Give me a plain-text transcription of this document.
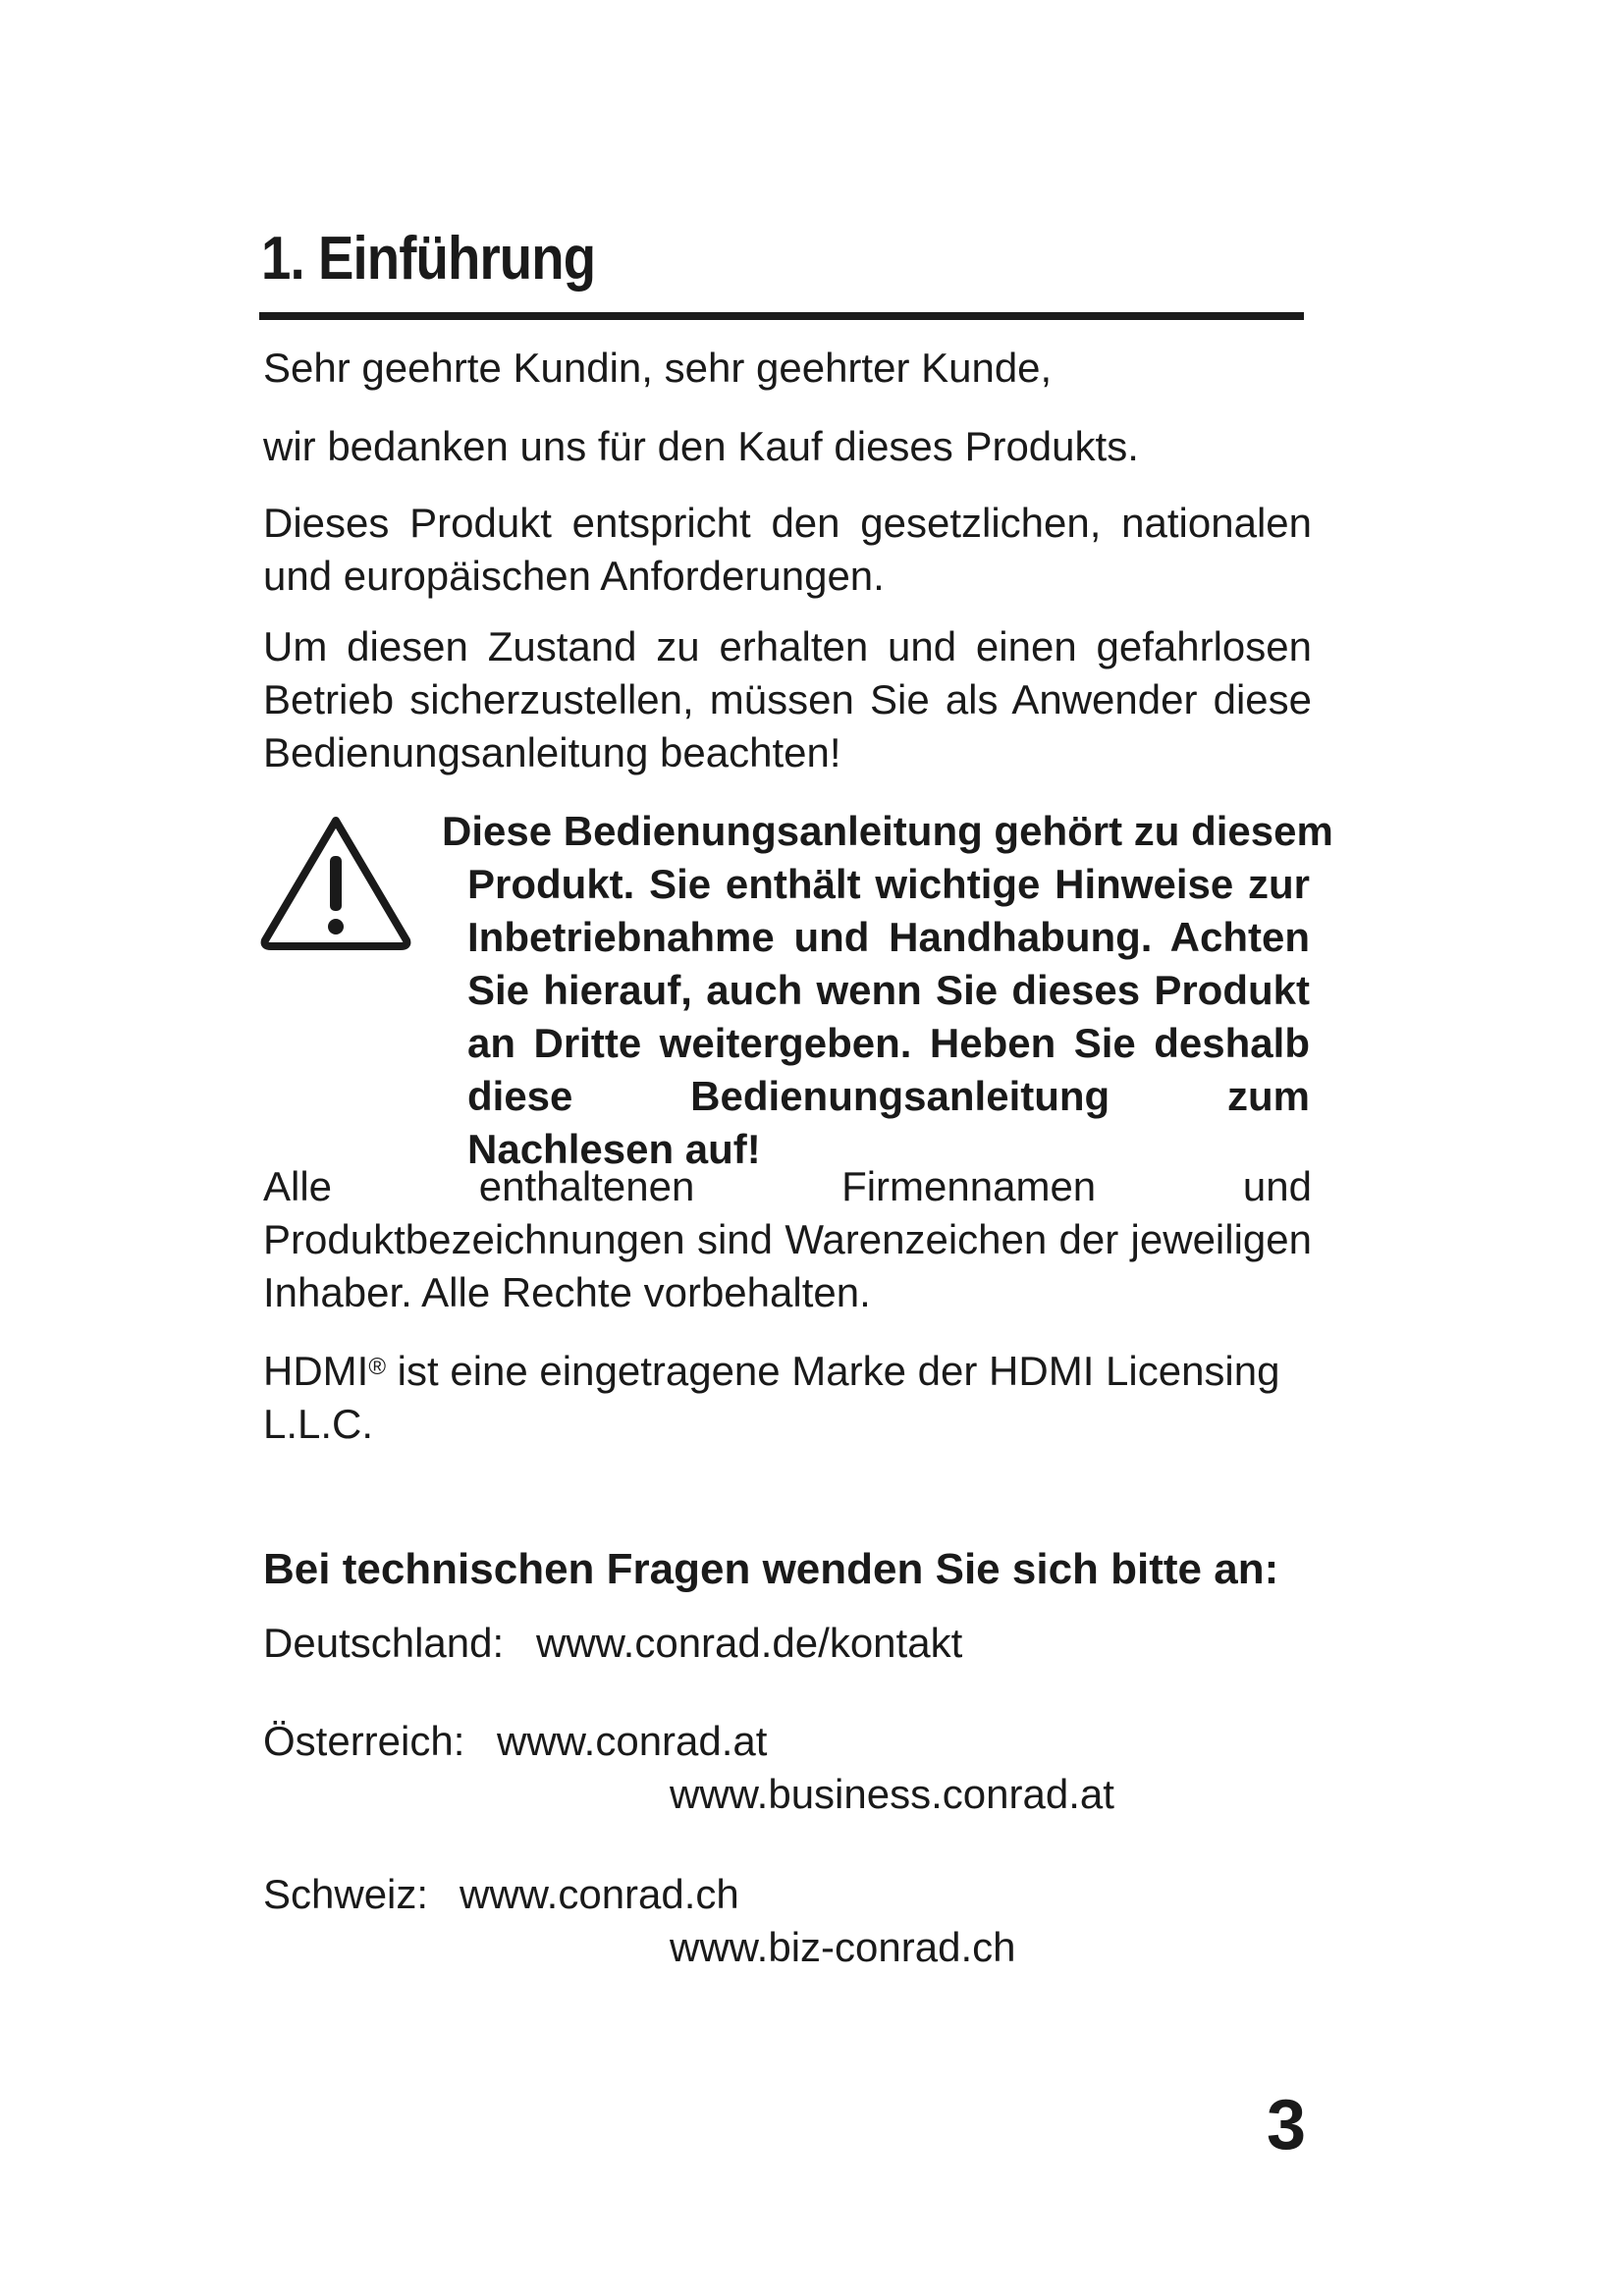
1. Einführung
Sehr geehrte Kundin, sehr geehrter Kunde,
wir bedanken uns für den Kauf dieses Produkts.
Dieses Produkt entspricht den gesetzlichen, nationalen und europäischen Anforderungen.
Um diesen Zustand zu erhalten und einen gefahrlosen Betrieb sicherzustellen, müssen Sie als Anwender diese Bedienungsanleitung beachten!
Diese Bedienungsanleitung gehört zu diesem
Produkt. Sie enthält wichtige Hinweise zur Inbetriebnahme und Handhabung. Achten Sie hierauf, auch wenn Sie dieses Produkt an Dritte weitergeben. Heben Sie deshalb diese Bedienungsanleitung zum Nachlesen auf!
Alle enthaltenen Firmennamen und Produktbezeichnungen sind Warenzeichen der jeweiligen Inhaber. Alle Rechte vorbehalten.
HDMI® ist eine eingetragene Marke der HDMI Licensing L.L.C.
Bei technischen Fragen wenden Sie sich bitte an:
Deutschland: www.conrad.de/kontakt
Österreich: www.conrad.at
www.business.conrad.at
Schweiz: www.conrad.ch
www.biz-conrad.ch
3
